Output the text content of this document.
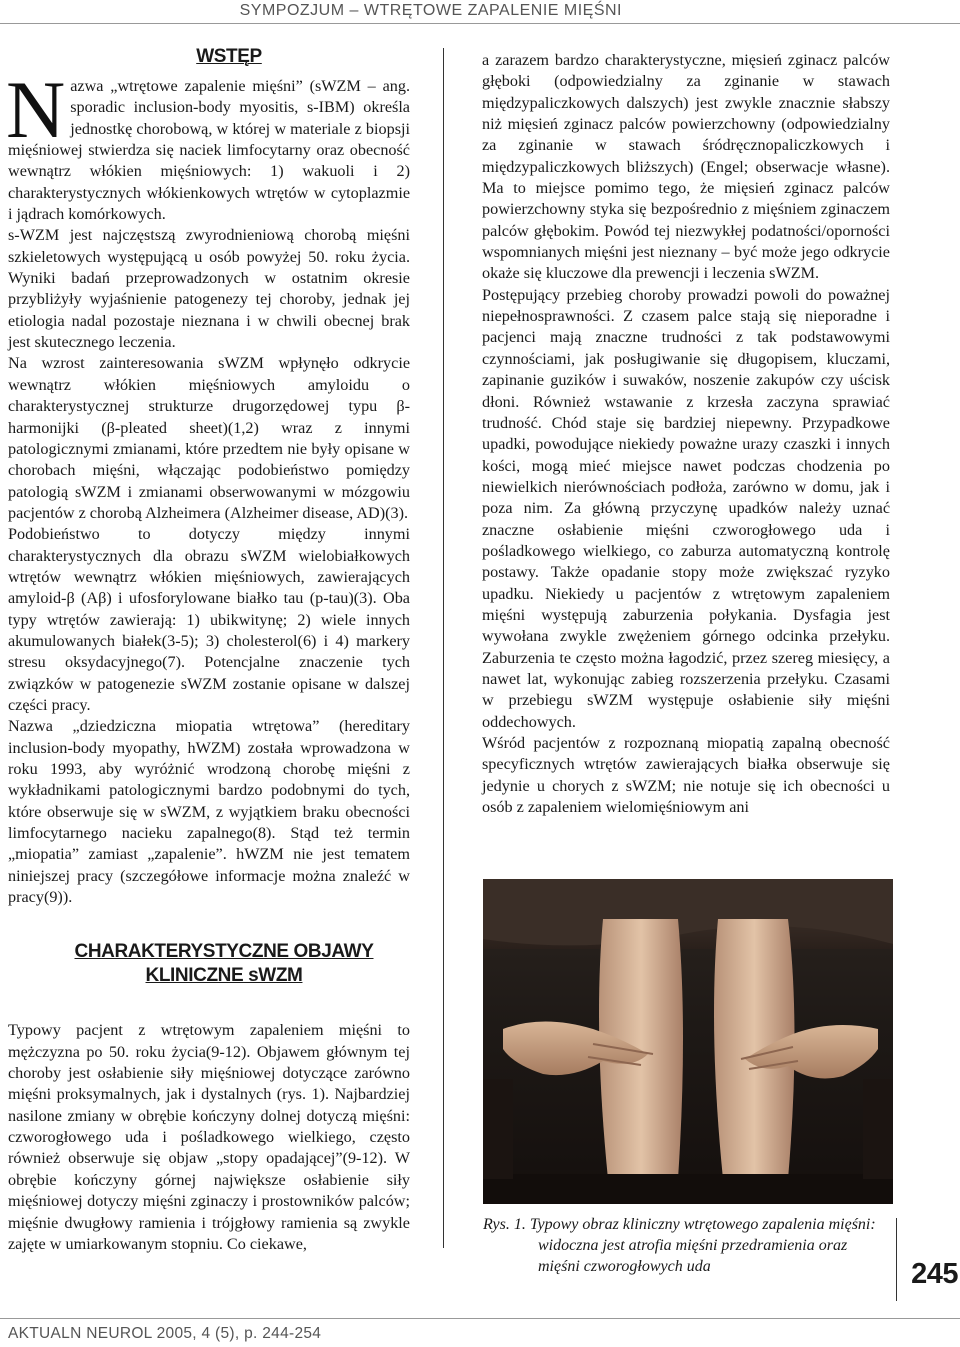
SYMPOZJUM – WTRĘTOWE ZAPALENIE MIĘŚNI
WSTĘP

Nazwa „wtrętowe zapalenie mięśni” (sWZM – ang. sporadic inclusion-body myositis, s-IBM) określa jednostkę chorobową, w której w materiale z biopsji mięśniowej stwierdza się naciek limfocytarny oraz obecność wewnątrz włókien mięśniowych: 1) wakuoli i 2) charakterystycznych włókienkowych wtrętów w cytoplazmie i jądrach komórkowych.

s-WZM jest najczęstszą zwyrodnieniową chorobą mięśni szkieletowych występującą u osób powyżej 50. roku życia. Wyniki badań przeprowadzonych w ostatnim okresie przybliżyły wyjaśnienie patogenezy tej choroby, jednak jej etiologia nadal pozostaje nieznana i w chwili obecnej brak jest skutecznego leczenia.

Na wzrost zainteresowania sWZM wpłynęło odkrycie wewnątrz włókien mięśniowych amyloidu o charakterystycznej strukturze drugorzędowej typu β-harmonijki (β-pleated sheet)(1,2) wraz z innymi patologicznymi zmianami, które przedtem nie były opisane w chorobach mięśni, włączając podobieństwo pomiędzy patologią sWZM i zmianami obserwowanymi w mózgowiu pacjentów z chorobą Alzheimera (Alzheimer disease, AD)(3).

Podobieństwo to dotyczy między innymi charakterystycznych dla obrazu sWZM wielobiałkowych wtrętów wewnątrz włókien mięśniowych, zawierających amyloid-β (Aβ) i ufosforylowane białko tau (p-tau)(3). Oba typy wtrętów zawierają: 1) ubikwitynę; 2) wiele innych akumulowanych białek(3-5); 3) cholesterol(6) i 4) markery stresu oksydacyjnego(7). Potencjalne znaczenie tych związków w patogenezie sWZM zostanie opisane w dalszej części pracy.

Nazwa „dziedziczna miopatia wtrętowa” (hereditary inclusion-body myopathy, hWZM) została wprowadzona w roku 1993, aby wyróżnić wrodzoną chorobę mięśni z wykładnikami patologicznymi bardzo podobnymi do tych, które obserwuje się w sWZM, z wyjątkiem braku obecności limfocytarnego nacieku zapalnego(8). Stąd też termin „miopatia” zamiast „zapalenie”. hWZM nie jest tematem niniejszej pracy (szczegółowe informacje można znaleźć w pracy(9)).

CHARAKTERYSTYCZNE OBJAWY
KLINICZNE sWZM

Typowy pacjent z wtrętowym zapaleniem mięśni to mężczyzna po 50. roku życia(9-12). Objawem głównym tej choroby jest osłabienie siły mięśniowej dotyczące zarówno mięśni proksymalnych, jak i dystalnych (rys. 1). Najbardziej nasilone zmiany w obrębie kończyny dolnej dotyczą mięśni: czworogłowego uda i pośladkowego wielkiego, często również obserwuje się objaw „stopy opadającej”(9-12). W obrębie kończyny górnej największe osłabienie siły mięśniowej dotyczy mięśni zginaczy i prostowników palców; mięśnie dwugłowy ramienia i trójgłowy ramienia są zwykle zajęte w umiarkowanym stopniu. Co ciekawe,

a zarazem bardzo charakterystyczne, mięsień zginacz palców głęboki (odpowiedzialny za zginanie w stawach międzypaliczkowych dalszych) jest zwykle znacznie słabszy niż mięsień zginacz palców powierzchowny (odpowiedzialny za zginanie w stawach śródręcznopaliczkowych i międzypaliczkowych bliższych) (Engel; obserwacje własne). Ma to miejsce pomimo tego, że mięsień zginacz palców powierzchowny styka się bezpośrednio z mięśniem zginaczem palców głębokim. Powód tej niezwykłej podatności/oporności wspomnianych mięśni jest nieznany – być może jego odkrycie okaże się kluczowe dla prewencji i leczenia sWZM.

Postępujący przebieg choroby prowadzi powoli do poważnej niepełnosprawności. Z czasem palce stają się nieporadne i pacjenci mają znaczne trudności z tak podstawowymi czynnościami, jak posługiwanie się długopisem, kluczami, zapinanie guzików i suwaków, noszenie zakupów czy uścisk dłoni. Również wstawanie z krzesła zaczyna sprawiać trudność. Chód staje się bardziej niepewny. Przypadkowe upadki, powodujące niekiedy poważne urazy czaszki i innych kości, mogą mieć miejsce nawet podczas chodzenia po niewielkich nierównościach podłoża, zarówno w domu, jak i poza nim. Za główną przyczynę upadków należy uznać znaczne osłabienie mięśni czworogłowego uda i pośladkowego wielkiego, co zaburza automatyczną kontrolę postawy. Także opadanie stopy może zwiększać ryzyko upadku. Niekiedy u pacjentów z wtrętowym zapaleniem mięśni występują zaburzenia połykania. Dysfagia jest wywołana zwykle zwężeniem górnego odcinka przełyku. Zaburzenia te często można łagodzić, przez szereg miesięcy, a nawet lat, wykonując zabieg rozszerzenia przełyku. Czasami w przebiegu sWZM występuje osłabienie siły mięśni oddechowych.

Wśród pacjentów z rozpoznaną miopatią zapalną obecność specyficznych wtrętów zawierających białka obserwuje się jedynie u chorych z sWZM; nie notuje się ich obecności u osób z zapaleniem wielomięśniowym ani

Rys. 1. Typowy obraz kliniczny wtrętowego zapalenia mięśni: widoczna jest atrofia mięśni przedramienia oraz mięśni czworogłowych uda	245
AKTUALN NEUROL 2005, 4 (5), p. 244-254
